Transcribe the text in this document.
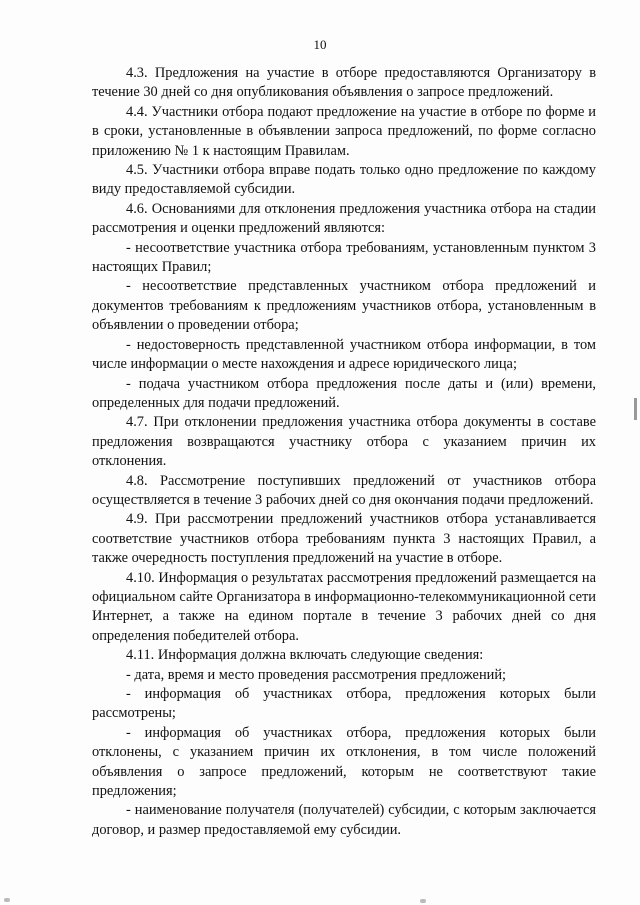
10

4.3. Предложения на участие в отборе предоставляются Организатору в течение 30 дней со дня опубликования объявления о запросе предложений.

4.4. Участники отбора подают предложение на участие в отборе по форме и в сроки, установленные в объявлении запроса предложений, по форме согласно приложению № 1 к настоящим Правилам.

4.5. Участники отбора вправе подать только одно предложение по каждому виду предоставляемой субсидии.

4.6. Основаниями для отклонения предложения участника отбора на стадии рассмотрения и оценки предложений являются:

- несоответствие участника отбора требованиям, установленным пунктом 3 настоящих Правил;

- несоответствие представленных участником отбора предложений и документов требованиям к предложениям участников отбора, установленным в объявлении о проведении отбора;

- недостоверность представленной участником отбора информации, в том числе информации о месте нахождения и адресе юридического лица;

- подача участником отбора предложения после даты и (или) времени, определенных для подачи предложений.

4.7. При отклонении предложения участника отбора документы в составе предложения возвращаются участнику отбора с указанием причин их отклонения.

4.8. Рассмотрение поступивших предложений от участников отбора осуществляется в течение 3 рабочих дней со дня окончания подачи предложений.

4.9. При рассмотрении предложений участников отбора устанавливается соответствие участников отбора требованиям пункта 3 настоящих Правил, а также очередность поступления предложений на участие в отборе.

4.10. Информация о результатах рассмотрения предложений размещается на официальном сайте Организатора в информационно-телекоммуникационной сети Интернет, а также на едином портале в течение 3 рабочих дней со дня определения победителей отбора.

4.11. Информация должна включать следующие сведения:

- дата, время и место проведения рассмотрения предложений;

- информация об участниках отбора, предложения которых были рассмотрены;

- информация об участниках отбора, предложения которых были отклонены, с указанием причин их отклонения, в том числе положений объявления о запросе предложений, которым не соответствуют такие предложения;

- наименование получателя (получателей) субсидии, с которым заключается договор, и размер предоставляемой ему субсидии.
